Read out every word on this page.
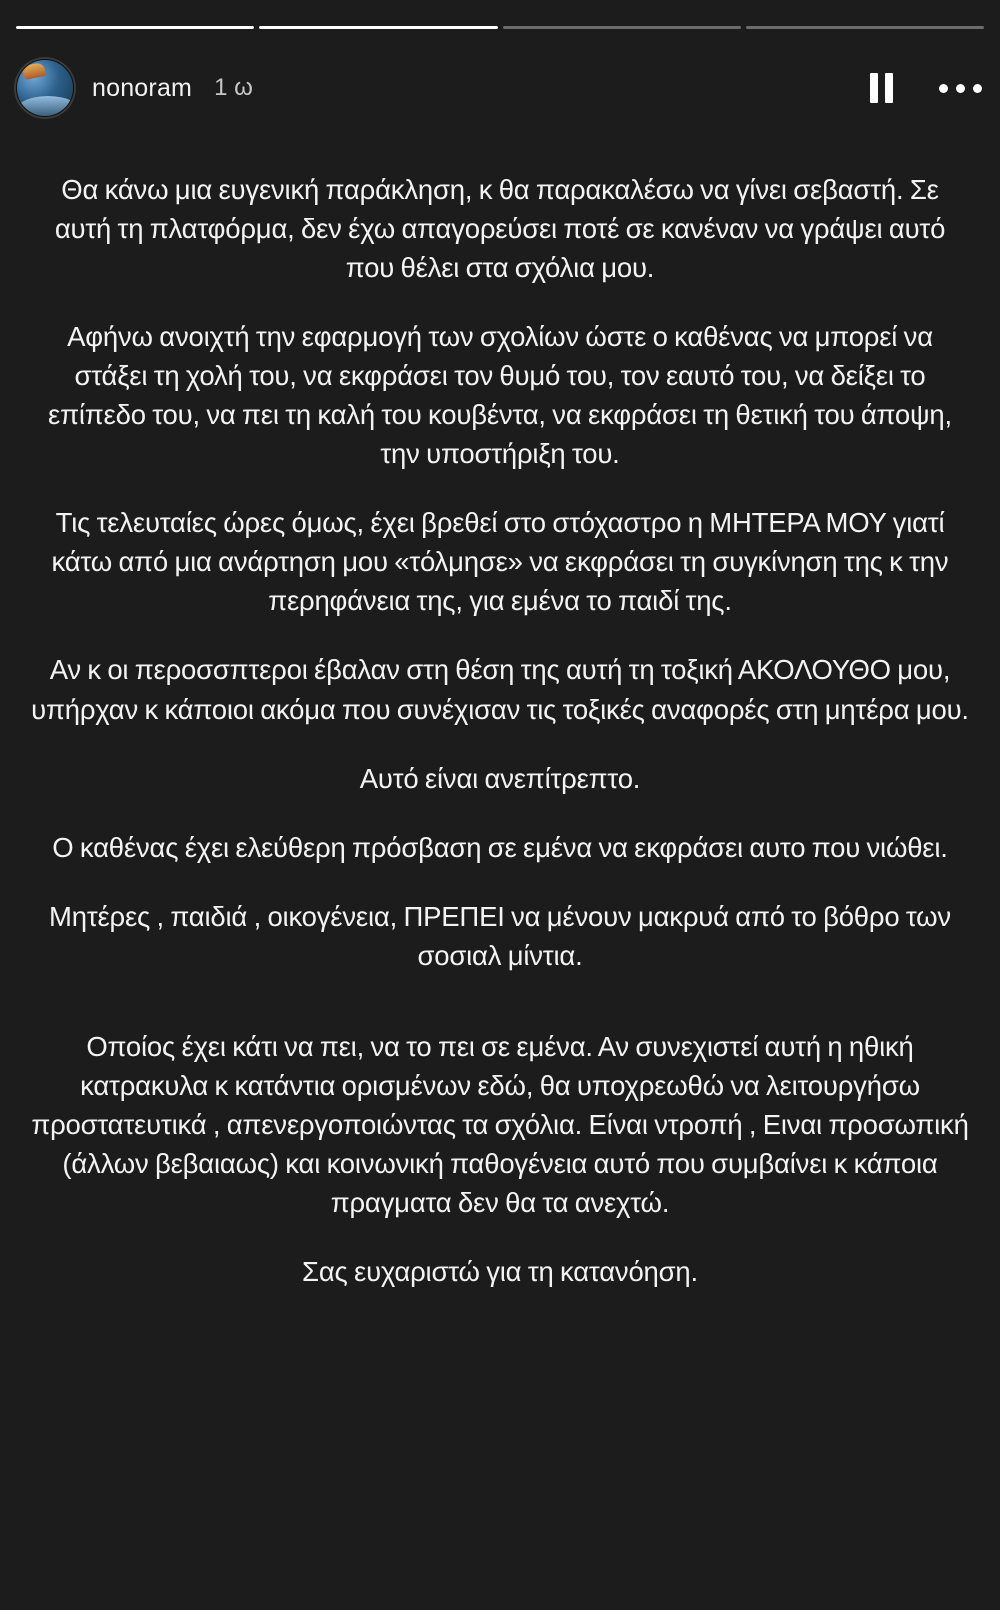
nonoram 1 ω

Θα κάνω μια ευγενική παράκληση, κ θα παρακαλέσω να γίνει σεβαστή. Σε αυτή τη πλατφόρμα, δεν έχω απαγορεύσει ποτέ σε κανέναν να γράψει αυτό που θέλει στα σχόλια μου.

Αφήνω ανοιχτή την εφαρμογή των σχολίων ώστε ο καθένας να μπορεί να στάξει τη χολή του, να εκφράσει τον θυμό του, τον εαυτό του, να δείξει το επίπεδο του, να πει τη καλή του κουβέντα, να εκφράσει τη θετική του άποψη, την υποστήριξη του.

Τις τελευταίες ώρες όμως, έχει βρεθεί στο στόχαστρο η ΜΗΤΕΡΑ ΜΟΥ γιατί κάτω από μια ανάρτηση μου «τόλμησε» να εκφράσει τη συγκίνηση της κ την περηφάνεια της, για εμένα το παιδί της.

Αν κ οι περοσσπτεροι έβαλαν στη θέση της αυτή τη τοξική ΑΚΟΛΟΥΘΟ μου, υπήρχαν κ κάποιοι ακόμα που συνέχισαν τις τοξικές αναφορές στη μητέρα μου.

Αυτό είναι ανεπίτρεπτο.

Ο καθένας έχει ελεύθερη πρόσβαση σε εμένα να εκφράσει αυτο που νιώθει.

Μητέρες , παιδιά , οικογένεια, ΠΡΕΠΕΙ να μένουν μακρυά από το βόθρο των σοσιαλ μίντια.

Οποίος έχει κάτι να πει, να το πει σε εμένα. Αν συνεχιστεί αυτή η ηθική κατρακυλα κ κατάντια ορισμένων εδώ, θα υποχρεωθώ να λειτουργήσω προστατευτικά , απενεργοποιώντας τα σχόλια. Είναι ντροπή , Ειναι προσωπική (άλλων βεβαιαως) και κοινωνική παθογένεια αυτό που συμβαίνει κ κάποια πραγματα δεν θα τα ανεχτώ.

Σας ευχαριστώ για τη κατανόηση.
